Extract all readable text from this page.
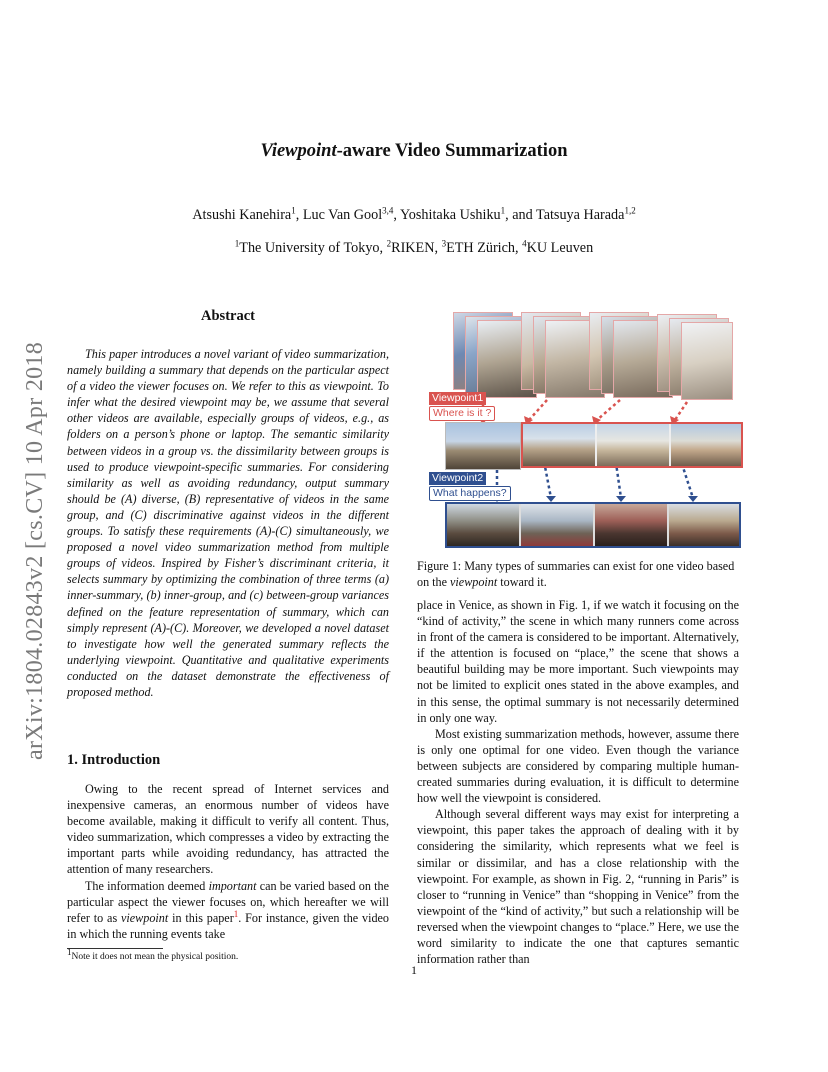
arXiv:1804.02843v2 [cs.CV] 10 Apr 2018
Viewpoint-aware Video Summarization
Atsushi Kanehira$^1$, Luc Van Gool$^{3,4}$, Yoshitaka Ushiku$^1$, and Tatsuya Harada$^{1,2}$
$^1$The University of Tokyo, $^2$RIKEN, $^3$ETH Zürich, $^4$KU Leuven
Abstract

This paper introduces a novel variant of video summarization, namely building a summary that depends on the particular aspect of a video the viewer focuses on. We refer to this as viewpoint. To infer what the desired viewpoint may be, we assume that several other videos are available, especially groups of videos, e.g., as folders on a person’s phone or laptop. The semantic similarity between videos in a group vs. the dissimilarity between groups is used to produce viewpoint-specific summaries. For considering similarity as well as avoiding redundancy, output summary should be (A) diverse, (B) representative of videos in the same group, and (C) discriminative against videos in the different groups. To satisfy these requirements (A)-(C) simultaneously, we proposed a novel video summarization method from multiple groups of videos. Inspired by Fisher’s discriminant criteria, it selects summary by optimizing the combination of three terms (a) inner-summary, (b) inner-group, and (c) between-group variances defined on the feature representation of summary, which can simply represent (A)-(C). Moreover, we developed a novel dataset to investigate how well the generated summary reflects the underlying viewpoint. Quantitative and qualitative experiments conducted on the dataset demonstrate the effectiveness of proposed method.

1. Introduction

Owing to the recent spread of Internet services and inexpensive cameras, an enormous number of videos have become available, making it difficult to verify all content. Thus, video summarization, which compresses a video by extracting the important parts while avoiding redundancy, has attracted the attention of many researchers.

The information deemed important can be varied based on the particular aspect the viewer focuses on, which hereafter we will refer to as viewpoint in this paper$^1$. For instance, given the video in which the running events take

$^1$Note it does not mean the physical position.
Viewpoint1
Where is it ?
Viewpoint2
What happens?

Figure 1: Many types of summaries can exist for one video based on the viewpoint toward it.

place in Venice, as shown in Fig. 1, if we watch it focusing on the “kind of activity,” the scene in which many runners come across in front of the camera is considered to be important. Alternatively, if the attention is focused on “place,” the scene that shows a beautiful building may be more important. Such viewpoints may not be limited to explicit ones stated in the above examples, and in this sense, the optimal summary is not necessarily determined in only one way.

Most existing summarization methods, however, assume there is only one optimal for one video. Even though the variance between subjects are considered by comparing multiple human-created summaries during evaluation, it is difficult to determine how well the viewpoint is considered.

Although several different ways may exist for interpreting a viewpoint, this paper takes the approach of dealing with it by considering the similarity, which represents what we feel is similar or dissimilar, and has a close relationship with the viewpoint. For example, as shown in Fig. 2, “running in Paris” is closer to “running in Venice” than “shopping in Venice” from the viewpoint of the “kind of activity,” but such a relationship will be reversed when the viewpoint changes to “place.” Here, we use the word similarity to indicate the one that captures semantic information rather than

1
